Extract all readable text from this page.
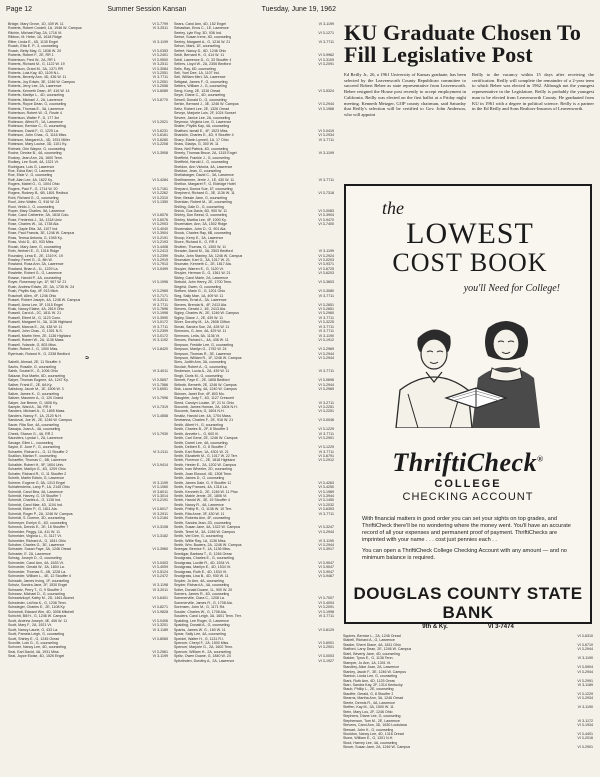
Page 12	Summer Session Kansan	Tuesday, June 19, 1962
Bridge, Mary Grove, 1D, 439 W. 11	VI 3-7799
Roberts, Robert Cordell, 1A, 1946 W. Campus	VI 3-2511
Ritchie, Michael Ray, 2A, 1716 Vt.
Ribbon, M. Hebe, 1A, 1618 Ridge
Ritter, Linda E., 4D, 1130 Engel	VI 3-1199
Roach, Etta E. P., 3, counseling
Roach, Betty May, G, 1638 W. 20	VI 3-0353
Roberts, Robert F., 2E, RR 1	VI 3-2401
Robertson, Fred W., 2A, RR 1	VI 3-9500
Roberts, Richard M., G, 1122 W. 19	VI 3-2511
Robertson, Grant M., 3A, 1371 RR	VI 3-3084
Roberts, Lola Kay, 4D, 1109 N.L.	VI 3-2051
Roberts, Beverly Ann, 4D, 436 W. 11	VI 3-7711
Roberts, Joy Edwin, 3E, 1246 W. Campus	VI 3-2051
Roberts, Jerry Lee, 2A, Lawrence	VI 3-2056
Roberts, Kenneth Dean, 4F, 416 W. 14	VI 3-6089
Roberts, Marilyn L., 4D, counseling
Roberts, Michael J., 2A, Lawrence	VI 3-6770
Roberts, Royce Dean, G, counseling
Roberts, Thomas E., 3A, Lawrence
Robertson, Robert W., G, Route 4
Robertson, Walter F., D, 177 3rd
Robinson, Alfred R., 1A, Lawrence	VI 3-2021
Robinson, Bernice C., G, counseling
Robinson, David F., G, 1225 La.	VI 3-6231
Robinson, John Chas., G, 1116 Miss.	VI 3-6161
Robinson, Margaret A., 4D, 1931 Miller	VI 3-6280
Robinson, Mary Louise, 3D, 1101 Ky.	VI 3-2208
Robnek, Orin Wayne, G, counseling
Roche, Denise B., 4A, counseling	VI 3-3908
Rockey, Jean Ann, 2A, 1600 Tenn.
Rodkey, Lee Scott, 4A, 1321 Vt.
Rodriguez, Luis G, Lawrence
Roe, Edna Earl, G, Lawrence
Roe, Elsie V., G, counseling
Roff, Alan Lee, 4A, 1622 Ky.	VI 3-4284
Rogers, Mabel G., G, 1004 Ohio
Rogers, Paul F., G, 1714 W. 20	VI 3-7161
Rogers, Rodney B., 6B, 1801 Redbud	VI 3-2262
Rohl, Richard G., G, counseling	VI 3-2310
Roof, John Walter, G, 916 W. 24	VI 3-1350
Root, Veldo J., G, counseling
Roper, Mary Charles, 5A, Lawrence
Rose, Carol Catherine, 3A, 1818 Colo.	VI 3-6076
Rose, Frederick J., 3A, 1318 Univ.	VI 3-6076
Rose, Charles W., 1A, 1738 Ala.	VI 3-2903
Rose, Gayle Etta, 3A, 1107 Ind.	VI 3-4040
Rose, Paul Francis, 3E, 1246 W. Campus	VI 3-3904
Ross, Teresa Antonia, G, 1945 Ky.	VI 3-2191
Ross, Vicki D., 4D, 933 Miss.	VI 3-2193
Roush, Mary Jane, G, counseling	VI 3-4408
Roth, Herbert E., G, 1016 Ridge	VI 3-2413
Rounsley, Lena E., 2E, 1319 K. 19	VI 3-2399
Rowley, Ferrel G., G, 8th W.	VI 3-2919
Rowland, Rosa Ann, 3A, Lawrence	VI 3-7913
Rowland, Brian A., 1L, 1229 La.	VI 3-0499
Rowlette, Robert G., G, Lawrence
Rowse, Harold P., 4A, counseling
Royer, Rosemary Lyn, 1F, 967 W. 21	VI 3-1996
Rush, Andrew Edwin, 2E, 3A, 1735 W. 24
Rush, Phyllis Kay, 4F, 913 Mich.	VI 3-2965
Ruschoff, Allen, 4F, 1246 Ohio	VI 3-7171
Russel, Robert Joseph, 4A, 1246 W. Campus	VI 3-2011
Russell, Anna Lee, 3F, 1015 Engel	VI 3-7711
Rusk, Nancy Elaine, 4A, 2619 Ohio	VI 3-7696
Russell, Carol A., 2C, 1811 W. 21	VI 3-1998
Russell, Elbert M., G, 1123 Conn.	VI 3-3990
Russell, Margaret N., 3A, 1136 Highland	VI 3-0172
Russell, Marcus E., 2A, 438 W. 11	VI 3-7711
Russell, John Chas., G, 1301 N.S.	VI 3-2399
Russell, Martin Vern, 2E, 1136 Highland	VI 3-0172
Russell, Robert W., 2A, 1136 Mass.	VI 3-1192
Russell, Yolande, G, 803 Miss.
Rutter, Robert J., G, 1000 Miss.	VI 3-8420
Ryerbush, Roland H., G, 2338 Bedford
S
Sabelli, Ahmad, 2E, 11 Stouffer 4
Sachs, Rosalie, G, counseling
Sahib, Soubel K., G, 1006 Ohio	VI 3-4011
Salazar, Eva Martin, 6D, counseling
Salyer, Thomas Eugene, 4A, 1247 Ky.	VI 3-5657
Salber, Frank E., 2E, 6A Ky.	VI 3-7566
Salisbury, Jacob M., 1E, 1506 W. 3	VI 3-6051
Saltze, James K., G, counseling
Saltzer, Maureen A., G, 120 Grand	VI 3-7996
Salyer, Joe Beene, G, 1606 Ky.
Sample, Ward A., 3A, RR 4	VI 3-7319
Sanders, Michael A., G, 1805 Mass.
Sanders, Nancy F., 1A, 2120 N.H.	VI 3-4558
Sandoval, Joe W., 2E, 1246 W. Campus
Sauer, Rita Sue, 4A, counseling
Sawaya, Joan A., 4A, counseling
Cheek, Sharon G., 4A, RR 2	VI 3-7930
Saunders, Lyndal I., 2A, Lawrence
Savage, Ellen L., counseling
Saylor, E. June F., G, counseling
Schaefer, Richard L., G, 11 Stouffer 2	VI 3-2111
Scallion, Marian F., counseling
Schaeffer, Thomas C., 6B, Lawrence
Schaible, Robert H., 5F, 1604 Univ.	VI 3-9414
Schaefer, Marilyn G., 4D, 1209 Ohio
Schafer, Richard R., G, 11 Stouffer 2
Scheib, Martin Edwin, G, Lawrence
Scherer, Eugene G, 5A, 1313 Engel	VI 3-1199
Schlafersteins, Larry P., 1A, 2145 Ohio	VI 3-1060
Schmidt, Carol Bea, 4A, Lawrence	VI 3-6011
Schmidt, Harvey, G, 19 Stouffer 7	VI 3-3014
Schmidt, Charles A., G, 1136 Ind.	VI 3-2191
Schmidt, Carol Mae, 4D, 1104 Ind.
Schmidt, Elden P., G, 1811 Ala.	VI 3-6017
Schmidt, Roger P., 2A, 1246 W. Campus	VI 3-2911
Schmidt, S. Dorene, 3D, counseling	VI 3-2184
Schmeyer, Evelyn G., 4D, counseling
Schneck, Dennis E., 2E, 16 Stouffer 7	VI 3-3198
Schneider, Peggy, 1A, 411 W. 11
Schneider, Virginia L., G, 3117 Vt.	VI 3-3182
Schneider, Richard A., G, 1841 Ohio
Schober, Charles G., 3E, Lawrence
Schrader, Susan Faye, 3A, 1246 Oread	VI 3-3960
Schrader, E. 2A, Lawrence
Schrag, Joseph D., G, counseling
Schroeder, Carol Ann, 4A, 1633 Vt.	VI 3-0403
Schroeder, Gerald W., 3A, 1804 La.	VI 3-4009
Schroeder, Thomas S., 4B, 1228 La.	VI 3-5124
Schroeder, William L., 4E, 12 Stouffer 4	VI 3-2472
Schwalb, James Irving, 1F, counseling
Schutz, Sondra Jane, 2F, 1530 Engel	VI 3-1198
Schwartz, Perry T., G, 9 Stouffer 3	VI 3-2011
Schwarz, Michael D., G, counseling
Schwartzkopf, Kathy M., 2D, 1461 Alumni	VI 3-6401
Schwieder, LaVina K., G, 1236 Tenn.
Schwieger, Charles E., 2E, 1108 Ky.	VI 3-8271
Schwindt, Edward Wm, 4D, 3006 Mitchell	VI 3-9828
Schichtl, Bill H., G, 1246 W. Campus
Scott, Andrew Joseph, 4E, 406 W. 11	VI 3-0406
Scott, Mary F., 2A, 1921 Vt.	VI 3-3201
Scott, Nancy Laurie, G, 433 La.	VI 3-1189
Scott, Pamela Leigh, G, counseling
Scott, Shirley E., G, 1245 Oread	VI 3-8065
Scoville, Lois G., G, counseling
Scrivner, Nancy Lee, 4D, counseling
Seal, Earl David, 4A, 1931 Miss.	VI 3-2561
Seal, Joyce Eloise, 4D, 1526 Engel	VI 3-1199
Sears, Carol Ann, 4D, 152 Engel	VI 3-1199
Sebastian, Enos C., 1E, Lawrence
Seeley, Lyle Roy, 3D, 936 Ind.	VI 3-1271
Seese, Susan Irene, 4D, counseling
Seeley, Margaret A., G, 1216 W. 21	VI 3-7711
Sehon, Mark, 1E, counseling
Seifert, Nancy D., 6D, 1246 Ohio
Seidl, Bernard H., G, 414 W. 11	VI 3-9962
Seidl, Lawrence D., G, 33 Stouffer 4	VI 3-3109
Sellers, Lloyd W., 2A, 2306 Bedford	VI 3-2091
Sells, Ray, 6D, counseling
Sell, Yuel Dee, 1A, 1107 Ind.
Sell, William Merl, 3A, Lawrence
Settgast, James F., G, counseling
Setters, William J., G, counseling
Seng, Kong, 2E, 1316 Oread	VI 3-5324
Seyer, Diane C., 4D, counseling
Sewell, Donald D., G, counseling
Serkin, Bernard J., 3E, 1246 W. Campus	VI 3-2944
Seitz, Robert Lee, 2E, 1326 Oread	VI 3-1968
Sevryn, Marjorie Lois, 2F, 1024 Sunset
Severe, Janice Lee, 2A, counseling
Seymour, Virginia Lee, G, Lawrence
Shafer, Phyllis Kay, 4A, counseling
Shafford, Ismail E., 4F, 1523 Miss.	VI 3-0419
Shanklin, Charles E., 4D, 9 Stouffer 4	VI 3-2934
Sharp, Edwin Lynnell, 1A, 17 Ohio	VI 3-7711
Shaw, Gladys, G, 300 W. 11
Shea, Neil Patrick, 4D, counseling
Sheely, Thomas Bruce, 2A, 1315 Engel	VI 3-1199
Sheffield, Frankie J., G, counseling
Sheffield, Harold J., G, counseling
Sheldon, Ann Victoria, 4A, Lawrence
Sheldon, Jean, G, counseling
Shellabarger, David C., 3A, Lawrence
Shellhammer, Jerrie J., 1E, 430 W. 11	VI 3-7711
Shelton, Margaret F., G, Eldridge Hotel
Shepard, Donna Sue, 1F, counseling
Shepherd, Richard G., 3E, 1136 W. 11	VI 3-7318
Sher, Bessie Jane, G, counseling
Sheridan, Robert M., 1E, counseling
Shilling, Gale D., G, counseling
Shirck, Gus Davis, 6D, 900 W. 11	VI 3-0083
Shirley, Don Beeal, G, counseling	VI 3-3904
Shirley, Martha Lee, 4F, 1000 Ky.	VI 3-9470
Shoemaker, Ann, 3A, 1502 Ridge	VI 3-7400
Shoemaker, John D., G, 901 Ala.
Shook, Charles Ray, 6B, counseling
Shoop, Kerry E., 3A, Lawrence
Shore, Richard K., G, RR 4
Shotten, Thomas, G, 1300 W. 11
Shrader, David M., 3A, 2503 Bedford	VI 3-1199
Shultz, John Stanley, 3A, 1246 W. Campus	VI 3-2924
Shumaker, Karl G., 3A, 1017 W. 21	VI 3-0203
Shumate, Kenneth C., 2E, 1817 Ala.	VI 3-9371
Shuyler, Warren E., G, 1120 Vt.	VI 3-6725
Shuyler, Herman G., G, 1361 W. 21	VI 3-6203
Sibley, Carol Marie, 2A, Lawrence
Siebold, John Henry, 2E, 1700 Tenn.	VI 3-3603
Siegrist, Gwen, G, counseling
Siefken, Marie G., G, 1201 Ohio	VI 3-3080
Sieg, Sally Mae, 1A, 409 W. 11	VI 3-7711
Siemens, Ernst A., 3A, Lawrence
Sievers, Brenda N., 4F, 2413 Ala.	VI 3-2651
Sievers, Gerald J., 4E, 2413 Ala.	VI 3-2651
Sigley, Charles W., 2E, 1246 W. Campus	VI 3-2960
Sigley, Diane J., 2E, 439 W. 11	VI 3-7711
Silver, Dorothy M., 1A, 2608 Clifton	VI 3-3225
Simak, Sandra Sue, 2A, 428 W. 11	VI 3-7711
Simmons, G. Ann, 4A, 429 W. 11	VI 3-7711
Simmons, Leila, 5A, 1136 Vt.	VI 3-1190
Simons, Richard L., 4A, 436 W. 11	VI 3-1912
Simpson, Freddie Lee, G, counseling
Simpson, Marilyn G., 1752 W. 24	VI 3-2969
Simpson, Thomas R., 3E, Lawrence	VI 3-2944
Simpson, William R., 1F, 1246 W. Campus	VI 3-2944
Sims, Judith Ann, 3A, counseling
Sinclair, Robert A., G, counseling
Sinderson, Lucia A., 2A, 439 W. 11	VI 3-7711
Singh, Doris M., G, counseling
Sinnett, Faye E., 2E, 1808 Bedford	VI 3-0696
Sirlboth, Berneth, 2E, 1246 W. Campus	VI 3-2944
Sisk, Laura Wray, 4A, 1240 W. Campus	VI 3-2969
Skinner, Janet Eve, 4F, 803 Mo.
Slaughter, Judy T., 4D, 1127 Crescent
Sleed, Carolyn Louise, 1F, 21 N. Ohio	VI 3-2711
Slocomb, James Homan, 2A, 1604 N.H.	VI 3-2251
Slocomb, Sandra, G, 1604 N.H.	VI 3-2251
Smaltz, Harold Lee, 4A, 1704 Mass.
Smetanna, Charles F., 2E, 916 W. 21	VI 3-0046
Smith, Albert H., G, counseling
Smith, Charles B., 2F, 8 Stouffer 3	VI 3-1229
Smith, Annette L., G, 600 Ill.	VI 3-7711
Smith, Carl Gene, 2E, 1246 W. Campus	VI 3-2901
Smith, Darrel Lee, 4A, counseling
Smith, Delbert E., G, 8 Stouffer 3	VI 3-1229
Smith, Earl Rober, 1A, 4301 W. 21	VI 3-7711
Smith, Elizabeth M., G, 1017 W. 22 Terr.	VI 3-6791
Smith, Florence C., 2E, 1818 Highland	VI 3-2912
Smith, Hester E., 2A, 1202 W. Campus
Smith, Ivan Wheeler, 2D, counseling
Smith, Joan Elwood, 4D, 1308 Tenn.
Smith, James D., G, counseling
Smith, James Dale, G, 9 Stouffer 12	VI 3-4263
Smith, Kay Frances, 4A, 1318 La.	VI 3-4250
Smith, Kenneth D., 2E, 1246 W. 11 Phw.	VI 3-1989
Smith, Mable Jervie, 2E, 1806 Vt.	VI 3-3944
Smith, Harold W., 3E, 19 Stouffer 4	VI 3-1450
Smith, Nancy R., 4A, Lawrence	VI 3-2032
Smith, Phillip R., G, 1136 W. 10 Terr.	VI 3-6393
Smith, Rita Anne, 3F, 430 W. 11	VI 3-7711
Smith, Roberta Ann, 4F, counseling
Smith, Sandra Jean, 2D, counseling
Smith, Susan Jane, 4A, 1322 W. Campus	VI 3-3247
Smith, Terrel M., 3A, 1246 W. Campus	VI 3-2944
Smith, Verl Dee, G, counseling
Smith, Willie Ray, 1A, 1136 Miss.	VI 3-1190
Smith, Wm. Bowers, 2A, 1246 W. Campus	VI 3-2944
Sneegar, Bernice F., 1A, 1136 Miss.	VI 3-3917
Snedigar, Barbara T., G, 1246 Oread
Snodgrass, Charles E., G, counseling
Snodgrass, Lucille R., 4D, 1534 Vt.	VI 3-9047
Snodgrass, Marilyn E., 4D, 1534 Vt.	VI 3-9047
Snodgrass, Ruth E., 4D, 1534 Vt.	VI 3-9047
Snodgrass, Lisa B., 4D, 930 W. 11	VI 3-9467
Snyder, Jo Ann, 4A, counseling
Snyder, Richard A., 4A, counseling
Soller, Donald Duane, 1L, 900 W. 20
Somers, James R., 4D, counseling
Sommerville, Clara C., 1208 La.	VI 3-7007
Sommerville, James R., G, 1708 Ala.	VI 3-4004
Sorensen, John M., G, 1171 Rd.	VI 3-2091
Souder, Charles W., G, 1708 Ala.	VI 3-1998
Souders, Carol Leigh, 3A, 1601 Tenn. Terr.	VI 3-7711
Spalding, Lee Roger, G, Lawrence
Spalding, Donald A., G, counseling
Sparks, James W. G., 160 W. 11	VI 3-8129
Spear, Sally Lee, 4A, counseling
Speidel, Walter H., G, 1131 R.I.
Spencer, Cheryl F., 2A, 1500 Miss.	VI 3-6001
Spencer, Marjorie G., 2A, 1602 Tenn.	VI 3-2901
Spencer, William H., 2A, counseling
Spiltz, Owen Duane, G, 1840 W. 24	VI 3-0003
Spitzlinden, Dorothy A., 2A, Lawrence	VI 3-1927
KU Graduate Chosen To Fill Legislative Post

Ed Reilly Jr., 26, a 1961 University of Kansas graduate, has been selected by the Leavenworth County Republican committee to succeed Robert Bebee as state representative from Leavenworth. Bebee resigned the House post recently to accept employment in California. Reilly was elected on the first ballot at a Friday night meeting. Kenneth Metzger, GOP county chairman, said Saturday that Reilly's selection will be certified to Gov. John Anderson, who will appoint

Reilly to the vacancy within 15 days after receiving the certification. Reilly will complete the remainder of a 2-year term to which Bebee was elected in 1962. Although not the youngest representative in the Legislature, Reilly is probably the youngest man to be elected from Leavenworth County. He graduated from KU in 1961 with a degree in political science. Reilly is a partner in the Ed Reilly and Sons Realtors-Insurors of Leavenworth.

the
LOWEST
COST BOOK
you'll Need for College!
ThriftiCheck®
COLLEGE
CHECKING ACCOUNT

With financial matters in good order you can set your sights on top grades, and ThriftiCheck there'll be no wondering where the money went. You'll have an accurate record of all your expenses and permanent proof of payment. ThriftiChecks are imprinted with your name . . . cost just pennies each . .

You can open a ThriftiCheck College Checking Account with any amount — and no minimum balance is required.

DOUGLAS COUNTY STATE BANK
9th & Ky.	VI 3-7474
Squires, Bernice L., 2A, 1245 Oread	VI 3-6310
Stabell, Richard A., G, Lawrence
Stadler, Sherri Diane, 4A, 1811 Ohio	VI 3-6710
Stafford, Larry Dean, 2E, 1246 W. Campus	VI 3-2944
Stahl, Beverly Jane, 4D, counseling
Stalder, Tyrus E., G, 1136 Tenn.	VI 3-1190
Stamper, Jo Ann, 1A, 1301 Vt.
Standley, Alice Joan, 2A, Lawrence	VI 3-5904
Stanley, Jacob F., 3E, 1246 W. Campus	VI 3-2944
Stanton, Linda Lee, G, counseling
Stark, Ruth Ann, 4D, 1125 Oread	VI 3-2991
Starr, Sandra Kay, 2F, 1314 Kentucky	VI 3-1189
Staub, Phillip L., 2E, counseling
Stauffer, Gerald, G, 8 Stouffer 3	VI 3-1229
Stearns, Martha Ann, 3A, 1246 Oread	VI 3-2934
Steele, Dennis R., 4A, Lawrence
Steffen, Kay M., 3A, 1500 W. 11	VI 3-1190
Stein, Mary Lou, 2F, 1246 Ohio
Stephens, Diane Lee, G, counseling
Stephenson, Tom M., 2E, Lawrence	VI 3-1172
Stevens, Carol Ann, 3D, 1630 Louisiana	VI 3-1934
Stewart, John K., G, counseling
Stockton, Nancy Lee, 4D, 1316 Oread	VI 3-4401
Stone, William E., G, 1301 N.H.	VI 3-2016
Stout, Harvey Lee, 4A, counseling
Stover, Susan Jane, 2A, 1246 W. Campus	VI 3-2901
